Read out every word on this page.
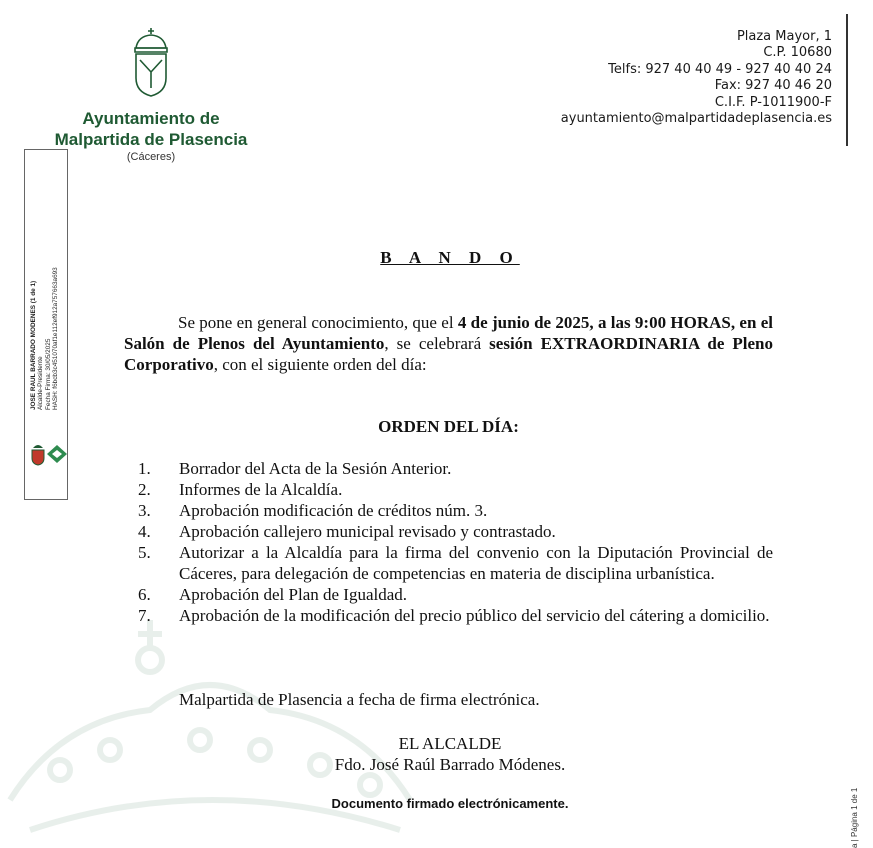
Ayuntamiento de
Malpartida de Plasencia
(Cáceres)
Plaza Mayor, 1
C.P. 10680
Telfs: 927 40 40 49 - 927 40 40 24
Fax: 927 40 46 20
C.I.F. P-1011900-F
ayuntamiento@malpartidadeplasencia.es
JOSE RAUL BARRADO MODENES (1 de 1) Alcalde-Presidente Fecha Firma: 30/05/2025 HASH: f6bcb3c451070af1e112ef912a757663a693
a | Página 1 de 1
B A N D O
Se pone en general conocimiento, que el 4 de junio de 2025, a las 9:00 HORAS, en el Salón de Plenos del Ayuntamiento, se celebrará sesión EXTRAORDINARIA de Pleno Corporativo, con el siguiente orden del día:
ORDEN DEL DÍA:
1. Borrador del Acta de la Sesión Anterior.
2. Informes de la Alcaldía.
3. Aprobación modificación de créditos núm. 3.
4. Aprobación callejero municipal revisado y contrastado.
5. Autorizar a la Alcaldía para la firma del convenio con la Diputación Provincial de Cáceres, para delegación de competencias en materia de disciplina urbanística.
6. Aprobación del Plan de Igualdad.
7. Aprobación de la modificación del precio público del servicio del cátering a domicilio.
Malpartida de Plasencia a fecha de firma electrónica.
EL ALCALDE
Fdo. José Raúl Barrado Módenes.
Documento firmado electrónicamente.
